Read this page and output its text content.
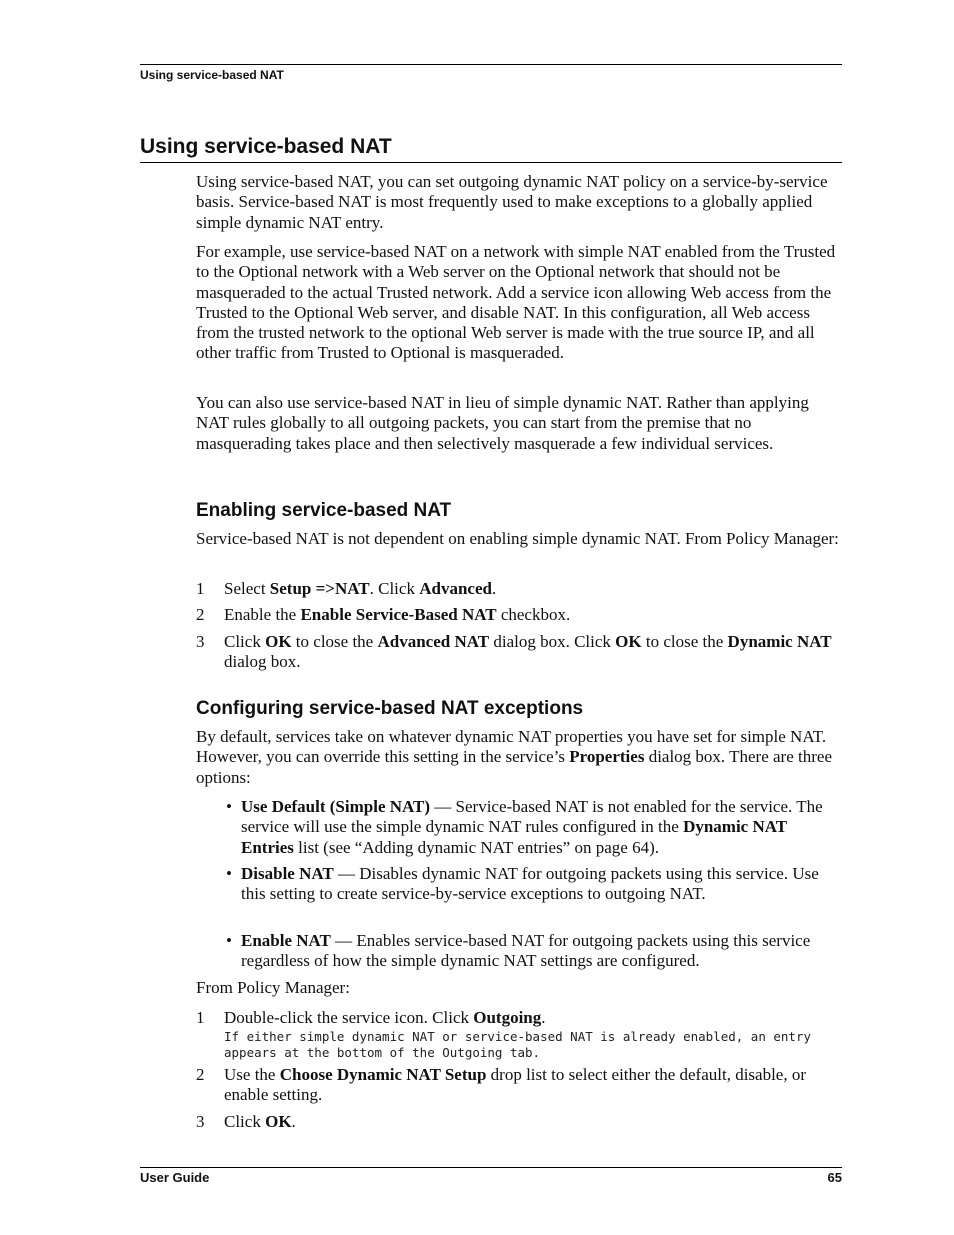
Using service-based NAT
Using service-based NAT

Using service-based NAT, you can set outgoing dynamic NAT policy on a service-by-service basis. Service-based NAT is most frequently used to make exceptions to a globally applied simple dynamic NAT entry.

For example, use service-based NAT on a network with simple NAT enabled from the Trusted to the Optional network with a Web server on the Optional network that should not be masqueraded to the actual Trusted network. Add a service icon allowing Web access from the Trusted to the Optional Web server, and disable NAT. In this configuration, all Web access from the trusted network to the optional Web server is made with the true source IP, and all other traffic from Trusted to Optional is masqueraded.

You can also use service-based NAT in lieu of simple dynamic NAT. Rather than applying NAT rules globally to all outgoing packets, you can start from the premise that no masquerading takes place and then selectively masquerade a few individual services.

Enabling service-based NAT

Service-based NAT is not dependent on enabling simple dynamic NAT. From Policy Manager:

1 Select Setup =>NAT. Click Advanced.
2 Enable the Enable Service-Based NAT checkbox.
3 Click OK to close the Advanced NAT dialog box. Click OK to close the Dynamic NAT dialog box.
Configuring service-based NAT exceptions

By default, services take on whatever dynamic NAT properties you have set for simple NAT. However, you can override this setting in the service’s Properties dialog box. There are three options:

• Use Default (Simple NAT) — Service-based NAT is not enabled for the service. The service will use the simple dynamic NAT rules configured in the Dynamic NAT Entries list (see “Adding dynamic NAT entries” on page 64).
• Disable NAT — Disables dynamic NAT for outgoing packets using this service. Use this setting to create service-by-service exceptions to outgoing NAT.
• Enable NAT — Enables service-based NAT for outgoing packets using this service regardless of how the simple dynamic NAT settings are configured.

From Policy Manager:

1 Double-click the service icon. Click Outgoing.
If either simple dynamic NAT or service-based NAT is already enabled, an entry appears at the bottom of the Outgoing tab.
2 Use the Choose Dynamic NAT Setup drop list to select either the default, disable, or enable setting.
3 Click OK.
User Guide	65
